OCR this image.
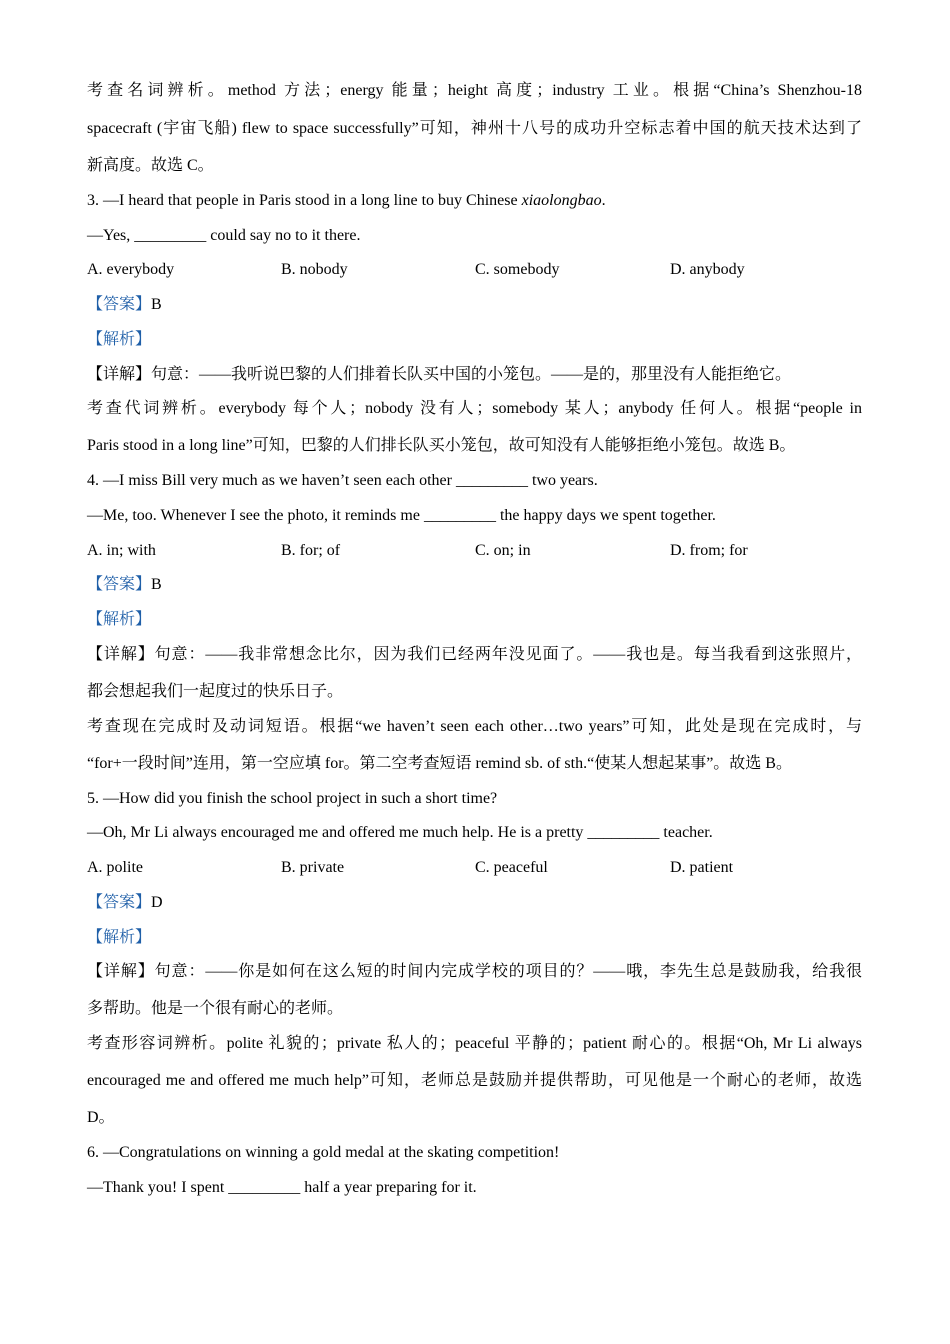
考查名词辨析。method 方法；energy 能量；height 高度；industry 工业。根据“China’s Shenzhou-18
spacecraft (宇宙飞船) flew to space successfully”可知，神州十八号的成功升空标志着中国的航天技术达到了
新高度。故选 C。
3. —I heard that people in Paris stood in a long line to buy Chinese xiaolongbao.
—Yes, _________ could say no to it there.
A. everybody	B. nobody	C. somebody	D. anybody
【答案】B
【解析】
【详解】句意：——我听说巴黎的人们排着长队买中国的小笼包。——是的，那里没有人能拒绝它。
考查代词辨析。everybody 每个人；nobody 没有人；somebody 某人；anybody 任何人。根据“people in
Paris stood in a long line”可知，巴黎的人们排长队买小笼包，故可知没有人能够拒绝小笼包。故选 B。
4. —I miss Bill very much as we haven’t seen each other _________ two years.
—Me, too. Whenever I see the photo, it reminds me _________ the happy days we spent together.
A. in; with	B. for; of	C. on; in	D. from; for
【答案】B
【解析】
【详解】句意：——我非常想念比尔，因为我们已经两年没见面了。——我也是。每当我看到这张照片，
都会想起我们一起度过的快乐日子。
考查现在完成时及动词短语。根据“we haven’t seen each other…two years”可知，此处是现在完成时，与
“for+一段时间”连用，第一空应填 for。第二空考查短语 remind sb. of sth.“使某人想起某事”。故选 B。
5. —How did you finish the school project in such a short time?
—Oh, Mr Li always encouraged me and offered me much help. He is a pretty _________ teacher.
A. polite	B. private	C. peaceful	D. patient
【答案】D
【解析】
【详解】句意：——你是如何在这么短的时间内完成学校的项目的？——哦，李先生总是鼓励我，给我很
多帮助。他是一个很有耐心的老师。
考查形容词辨析。polite 礼貌的；private 私人的；peaceful 平静的；patient 耐心的。根据“Oh, Mr Li always
encouraged me and offered me much help”可知，老师总是鼓励并提供帮助，可见他是一个耐心的老师，故选
D。
6. —Congratulations on winning a gold medal at the skating competition!
—Thank you! I spent _________ half a year preparing for it.
